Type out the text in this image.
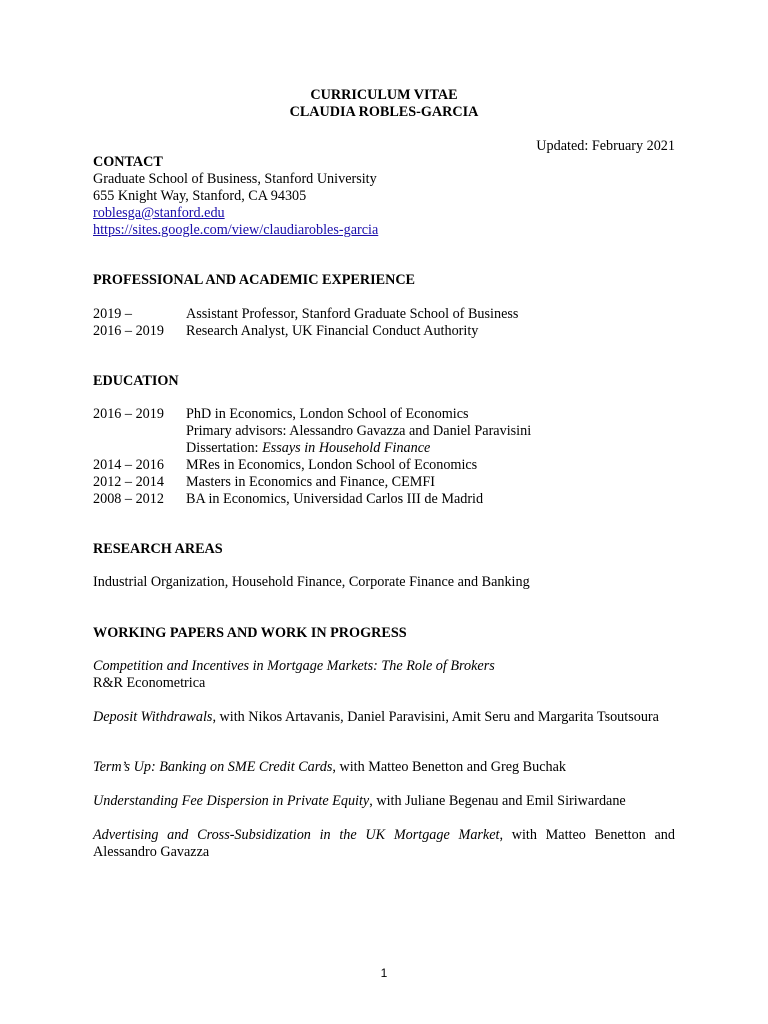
CURRICULUM VITAE
CLAUDIA ROBLES-GARCIA
Updated: February 2021
CONTACT
Graduate School of Business, Stanford University
655 Knight Way, Stanford, CA 94305
roblesga@stanford.edu
https://sites.google.com/view/claudiarobles-garcia
PROFESSIONAL AND ACADEMIC EXPERIENCE
2019 –	Assistant Professor, Stanford Graduate School of Business
2016 – 2019 Research Analyst, UK Financial Conduct Authority
EDUCATION
2016 – 2019 PhD in Economics, London School of Economics
Primary advisors: Alessandro Gavazza and Daniel Paravisini
Dissertation: Essays in Household Finance
2014 – 2016 MRes in Economics, London School of Economics
2012 – 2014 Masters in Economics and Finance, CEMFI
2008 – 2012 BA in Economics, Universidad Carlos III de Madrid
RESEARCH AREAS
Industrial Organization, Household Finance, Corporate Finance and Banking
WORKING PAPERS AND WORK IN PROGRESS
Competition and Incentives in Mortgage Markets: The Role of Brokers
R&R Econometrica
Deposit Withdrawals, with Nikos Artavanis, Daniel Paravisini, Amit Seru and Margarita Tsoutsoura
Term’s Up: Banking on SME Credit Cards, with Matteo Benetton and Greg Buchak
Understanding Fee Dispersion in Private Equity, with Juliane Begenau and Emil Siriwardane
Advertising and Cross-Subsidization in the UK Mortgage Market, with Matteo Benetton and Alessandro Gavazza
1
